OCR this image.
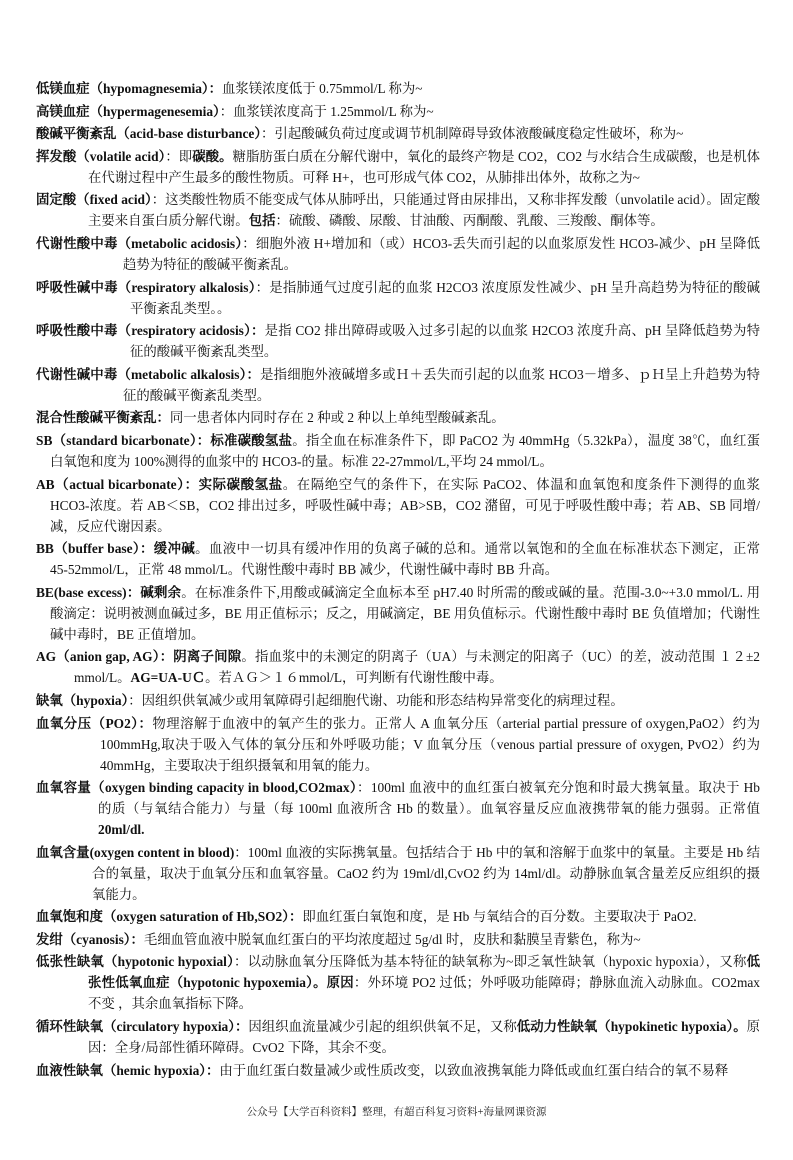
低镁血症（hypomagnesemia）：血浆镁浓度低于 0.75mmol/L 称为~

高镁血症（hypermagenesemia）：血浆镁浓度高于 1.25mmol/L 称为~

酸碱平衡紊乱（acid-base disturbance）：引起酸碱负荷过度或调节机制障碍导致体液酸碱度稳定性破坏，称为~

挥发酸（volatile acid）：即碳酸。糖脂肪蛋白质在分解代谢中，氧化的最终产物是 CO2，CO2 与水结合生成碳酸，也是机体在代谢过程中产生最多的酸性物质。可释 H+，也可形成气体 CO2，从肺排出体外，故称之为~

固定酸（fixed acid）：这类酸性物质不能变成气体从肺呼出，只能通过肾由尿排出，又称非挥发酸（unvolatile acid）。固定酸主要来自蛋白质分解代谢。包括：硫酸、磷酸、尿酸、甘油酸、丙酮酸、乳酸、三羧酸、酮体等。

代谢性酸中毒（metabolic acidosis）：细胞外液 H+增加和（或）HCO3-丢失而引起的以血浆原发性 HCO3-减少、pH 呈降低趋势为特征的酸碱平衡紊乱。

呼吸性碱中毒（respiratory alkalosis）：是指肺通气过度引起的血浆 H2CO3 浓度原发性减少、pH 呈升高趋势为特征的酸碱平衡紊乱类型。。

呼吸性酸中毒（respiratory acidosis）：是指 CO2 排出障碍或吸入过多引起的以血浆 H2CO3 浓度升高、pH 呈降低趋势为特征的酸碱平衡紊乱类型。

代谢性碱中毒（metabolic alkalosis）：是指细胞外液碱增多或Ｈ＋丢失而引起的以血浆 HCO3－增多、ｐＨ呈上升趋势为特征的酸碱平衡紊乱类型。

混合性酸碱平衡紊乱：同一患者体内同时存在 2 种或 2 种以上单纯型酸碱紊乱。

SB（standard bicarbonate）：标准碳酸氢盐。指全血在标准条件下，即 PaCO2 为 40mmHg（5.32kPa），温度 38℃，血红蛋白氧饱和度为 100%测得的血浆中的 HCO3-的量。标准 22-27mmol/L,平均 24 mmol/L。

AB（actual bicarbonate）：实际碳酸氢盐。在隔绝空气的条件下，在实际 PaCO2、体温和血氧饱和度条件下测得的血浆 HCO3-浓度。若 AB＜SB，CO2 排出过多，呼吸性碱中毒；AB>SB，CO2 潴留，可见于呼吸性酸中毒；若 AB、SB 同增/减，反应代谢因素。

BB（buffer base）：缓冲碱。血液中一切具有缓冲作用的负离子碱的总和。通常以氧饱和的全血在标准状态下测定，正常 45-52mmol/L，正常 48 mmol/L。代谢性酸中毒时 BB 减少，代谢性碱中毒时 BB 升高。

BE(base excess)：碱剩余。在标准条件下,用酸或碱滴定全血标本至 pH7.40 时所需的酸或碱的量。范围-3.0~+3.0 mmol/L. 用酸滴定：说明被测血碱过多，BE 用正值标示；反之，用碱滴定，BE 用负值标示。代谢性酸中毒时 BE 负值增加；代谢性碱中毒时，BE 正值增加。

AG（anion gap, AG）：阴离子间隙。指血浆中的未测定的阴离子（UA）与未测定的阳离子（UC）的差，波动范围 １２±2 mmol/L。AG=UA-UＣ。若ＡＧ＞１６mmol/L，可判断有代谢性酸中毒。

缺氧（hypoxia）：因组织供氧减少或用氧障碍引起细胞代谢、功能和形态结构异常变化的病理过程。

血氧分压（PO2）：物理溶解于血液中的氧产生的张力。正常人 A 血氧分压（arterial partial pressure of oxygen,PaO2）约为 100mmHg,取决于吸入气体的氧分压和外呼吸功能；V 血氧分压（venous partial pressure of oxygen, PvO2）约为 40mmHg，主要取决于组织摄氧和用氧的能力。

血氧容量（oxygen binding capacity in blood,CO2max）：100ml 血液中的血红蛋白被氧充分饱和时最大携氧量。取决于 Hb 的质（与氧结合能力）与量（每 100ml 血液所含 Hb 的数量）。血氧容量反应血液携带氧的能力强弱。正常值 20ml/dl.

血氧含量(oxygen content in blood)：100ml 血液的实际携氧量。包括结合于 Hb 中的氧和溶解于血浆中的氧量。主要是 Hb 结合的氧量，取决于血氧分压和血氧容量。CaO2 约为 19ml/dl,CvO2 约为 14ml/dl。动静脉血氧含量差反应组织的摄氧能力。

血氧饱和度（oxygen saturation of Hb,SO2）：即血红蛋白氧饱和度，是 Hb 与氧结合的百分数。主要取决于 PaO2.

发绀（cyanosis）：毛细血管血液中脱氧血红蛋白的平均浓度超过 5g/dl 时，皮肤和黏膜呈青紫色，称为~

低张性缺氧（hypotonic hypoxial）：以动脉血氧分压降低为基本特征的缺氧称为~即乏氧性缺氧（hypoxic hypoxia），又称低张性低氧血症（hypotonic hypoxemia）。原因：外环境 PO2 过低；外呼吸功能障碍；静脉血流入动脉血。CO2max 不变 ，其余血氧指标下降。

循环性缺氧（circulatory hypoxia）：因组织血流量减少引起的组织供氧不足，又称低动力性缺氧（hypokinetic hypoxia）。原因：全身/局部性循环障碍。CvO2 下降，其余不变。

血液性缺氧（hemic hypoxia）：由于血红蛋白数量减少或性质改变，以致血液携氧能力降低或血红蛋白结合的氧不易释

公众号【大学百科资料】整理，有超百科复习资料+海量网课资源
